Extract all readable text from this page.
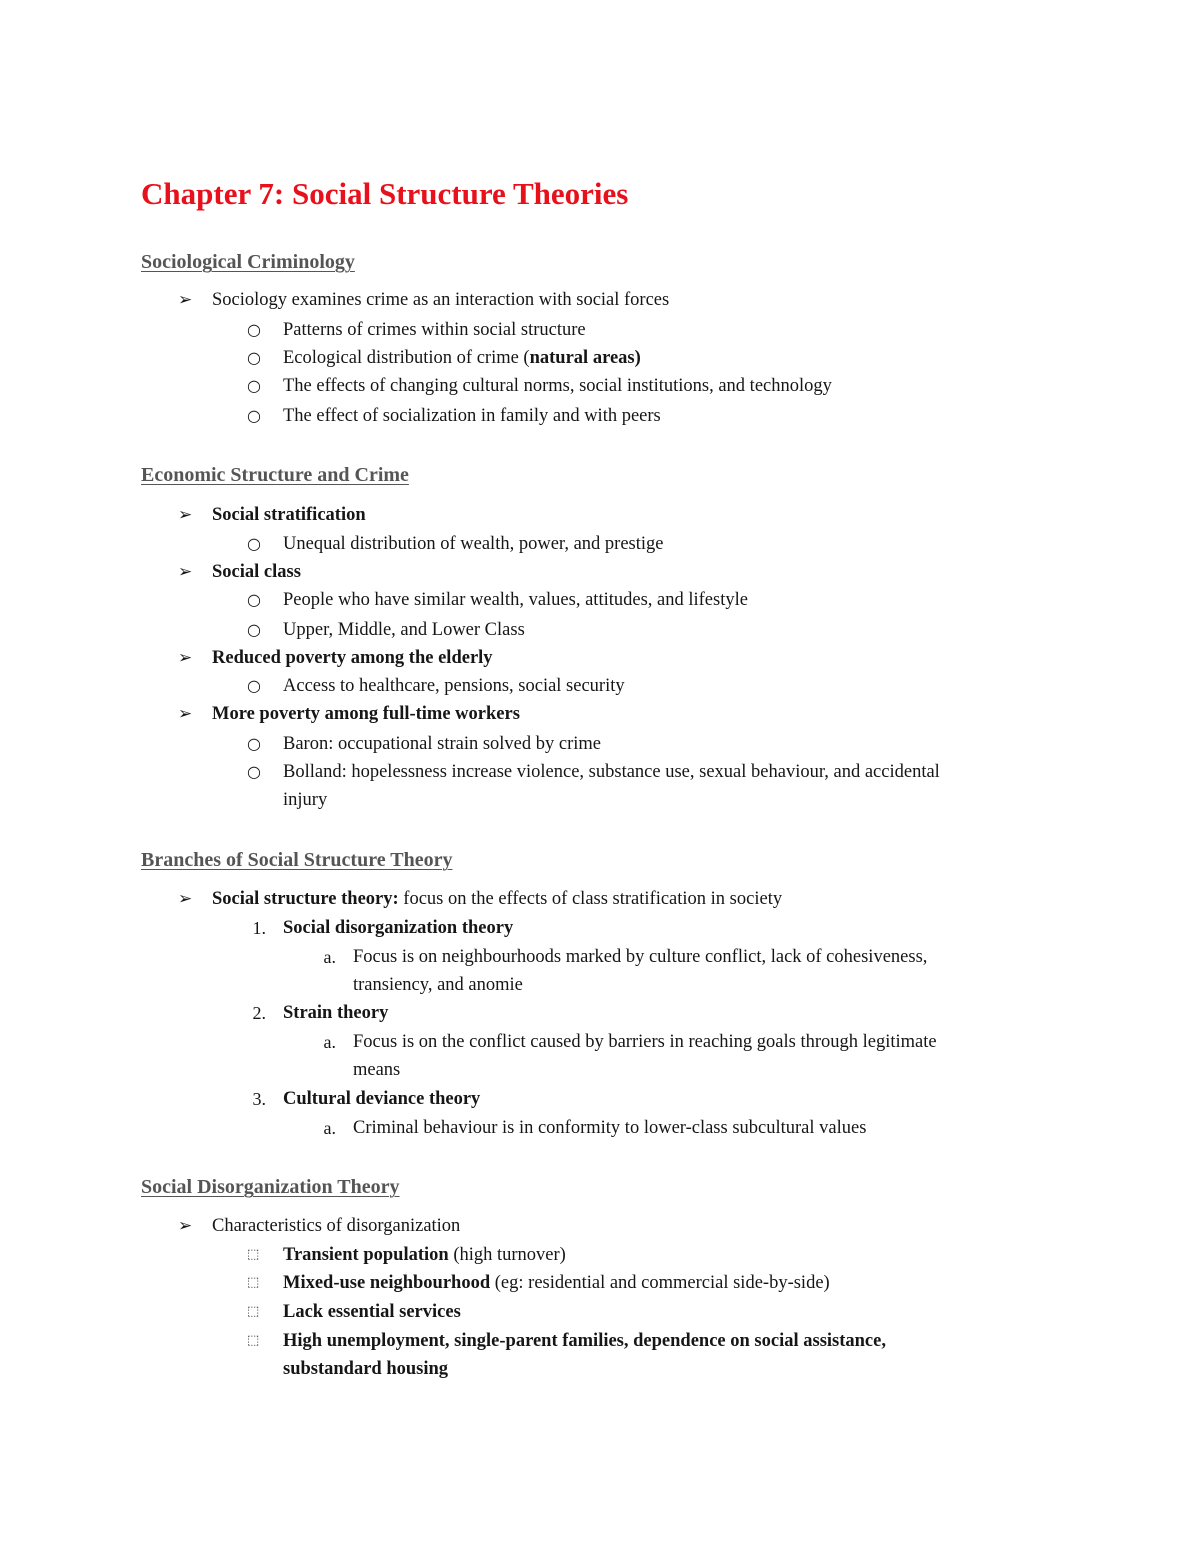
Chapter 7: Social Structure Theories
Sociological Criminology
➢	Sociology examines crime as an interaction with social forces
○ Patterns of crimes within social structure
○ Ecological distribution of crime (natural areas)
○ The effects of changing cultural norms, social institutions, and technology
○ The effect of socialization in family and with peers
Economic Structure and Crime
➢	Social stratification
○ Unequal distribution of wealth, power, and prestige
➢	Social class
○ People who have similar wealth, values, attitudes, and lifestyle
○ Upper, Middle, and Lower Class
➢	Reduced poverty among the elderly
○ Access to healthcare, pensions, social security
➢	More poverty among full-time workers
○ Baron: occupational strain solved by crime
○ Bolland: hopelessness increase violence, substance use, sexual behaviour, and accidental
injury
Branches of Social Structure Theory
➢	Social structure theory: focus on the effects of class stratification in society
1. Social disorganization theory
a. Focus is on neighbourhoods marked by culture conflict, lack of cohesiveness,
transiency, and anomie
2. Strain theory
a. Focus is on the conflict caused by barriers in reaching goals through legitimate
means
3. Cultural deviance theory
a. Criminal behaviour is in conformity to lower-class subcultural values
Social Disorganization Theory
➢	Characteristics of disorganization
⬚	Transient population (high turnover)
⬚	Mixed-use neighbourhood (eg: residential and commercial side-by-side)
⬚	Lack essential services
⬚	High unemployment, single-parent families, dependence on social assistance,
substandard housing
